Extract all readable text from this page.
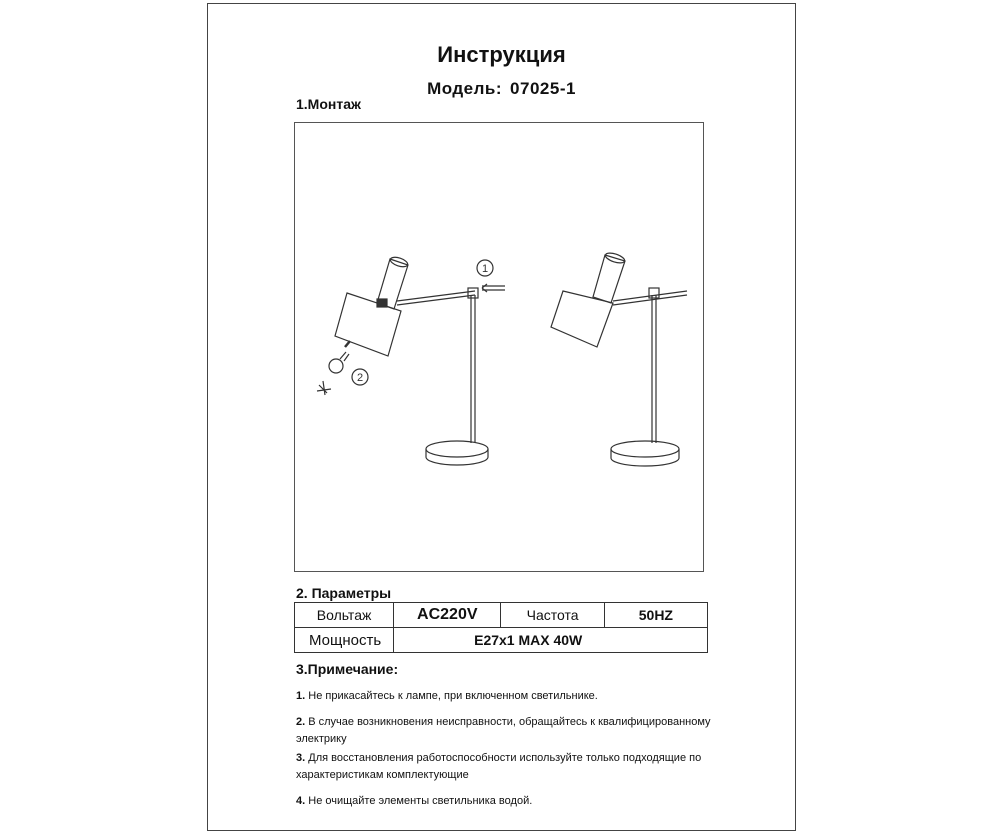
Инструкция
Модель: 07025-1
1.Монтаж
2
1
2. Параметры
Вольтаж	AC220V	Частота	50HZ
Мощность	E27x1 MAX 40W		
3.Примечание:
1. Не прикасайтесь к лампе, при включенном светильнике.
2. В случае возникновения неисправности, обращайтесь к квалифицированному электрику
3. Для восстановления работоспособности используйте только подходящие по характеристикам комплектующие
4. Не очищайте элементы светильника водой.
